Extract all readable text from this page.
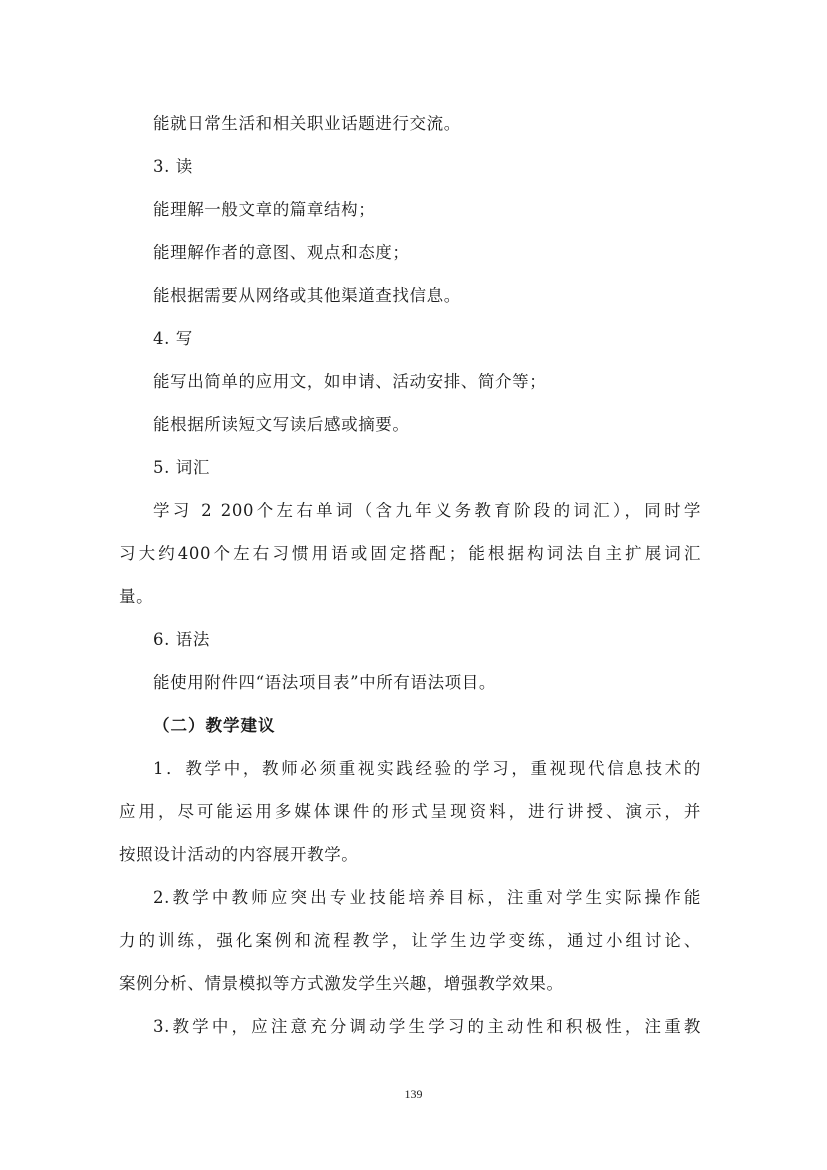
能就日常生活和相关职业话题进行交流。
3. 读
能理解一般文章的篇章结构；
能理解作者的意图、观点和态度；
能根据需要从网络或其他渠道查找信息。
4. 写
能写出简单的应用文，如申请、活动安排、简介等；
能根据所读短文写读后感或摘要。
5. 词汇
学习 2 200个左右单词（含九年义务教育阶段的词汇），同时学
习大约400个左右习惯用语或固定搭配；能根据构词法自主扩展词汇
量。
6. 语法
能使用附件四“语法项目表”中所有语法项目。
（二）教学建议
1．教学中，教师必须重视实践经验的学习，重视现代信息技术的
应用，尽可能运用多媒体课件的形式呈现资料，进行讲授、演示，并
按照设计活动的内容展开教学。
2.教学中教师应突出专业技能培养目标，注重对学生实际操作能
力的训练，强化案例和流程教学，让学生边学变练，通过小组讨论、
案例分析、情景模拟等方式激发学生兴趣，增强教学效果。
3.教学中，应注意充分调动学生学习的主动性和积极性，注重教
139
